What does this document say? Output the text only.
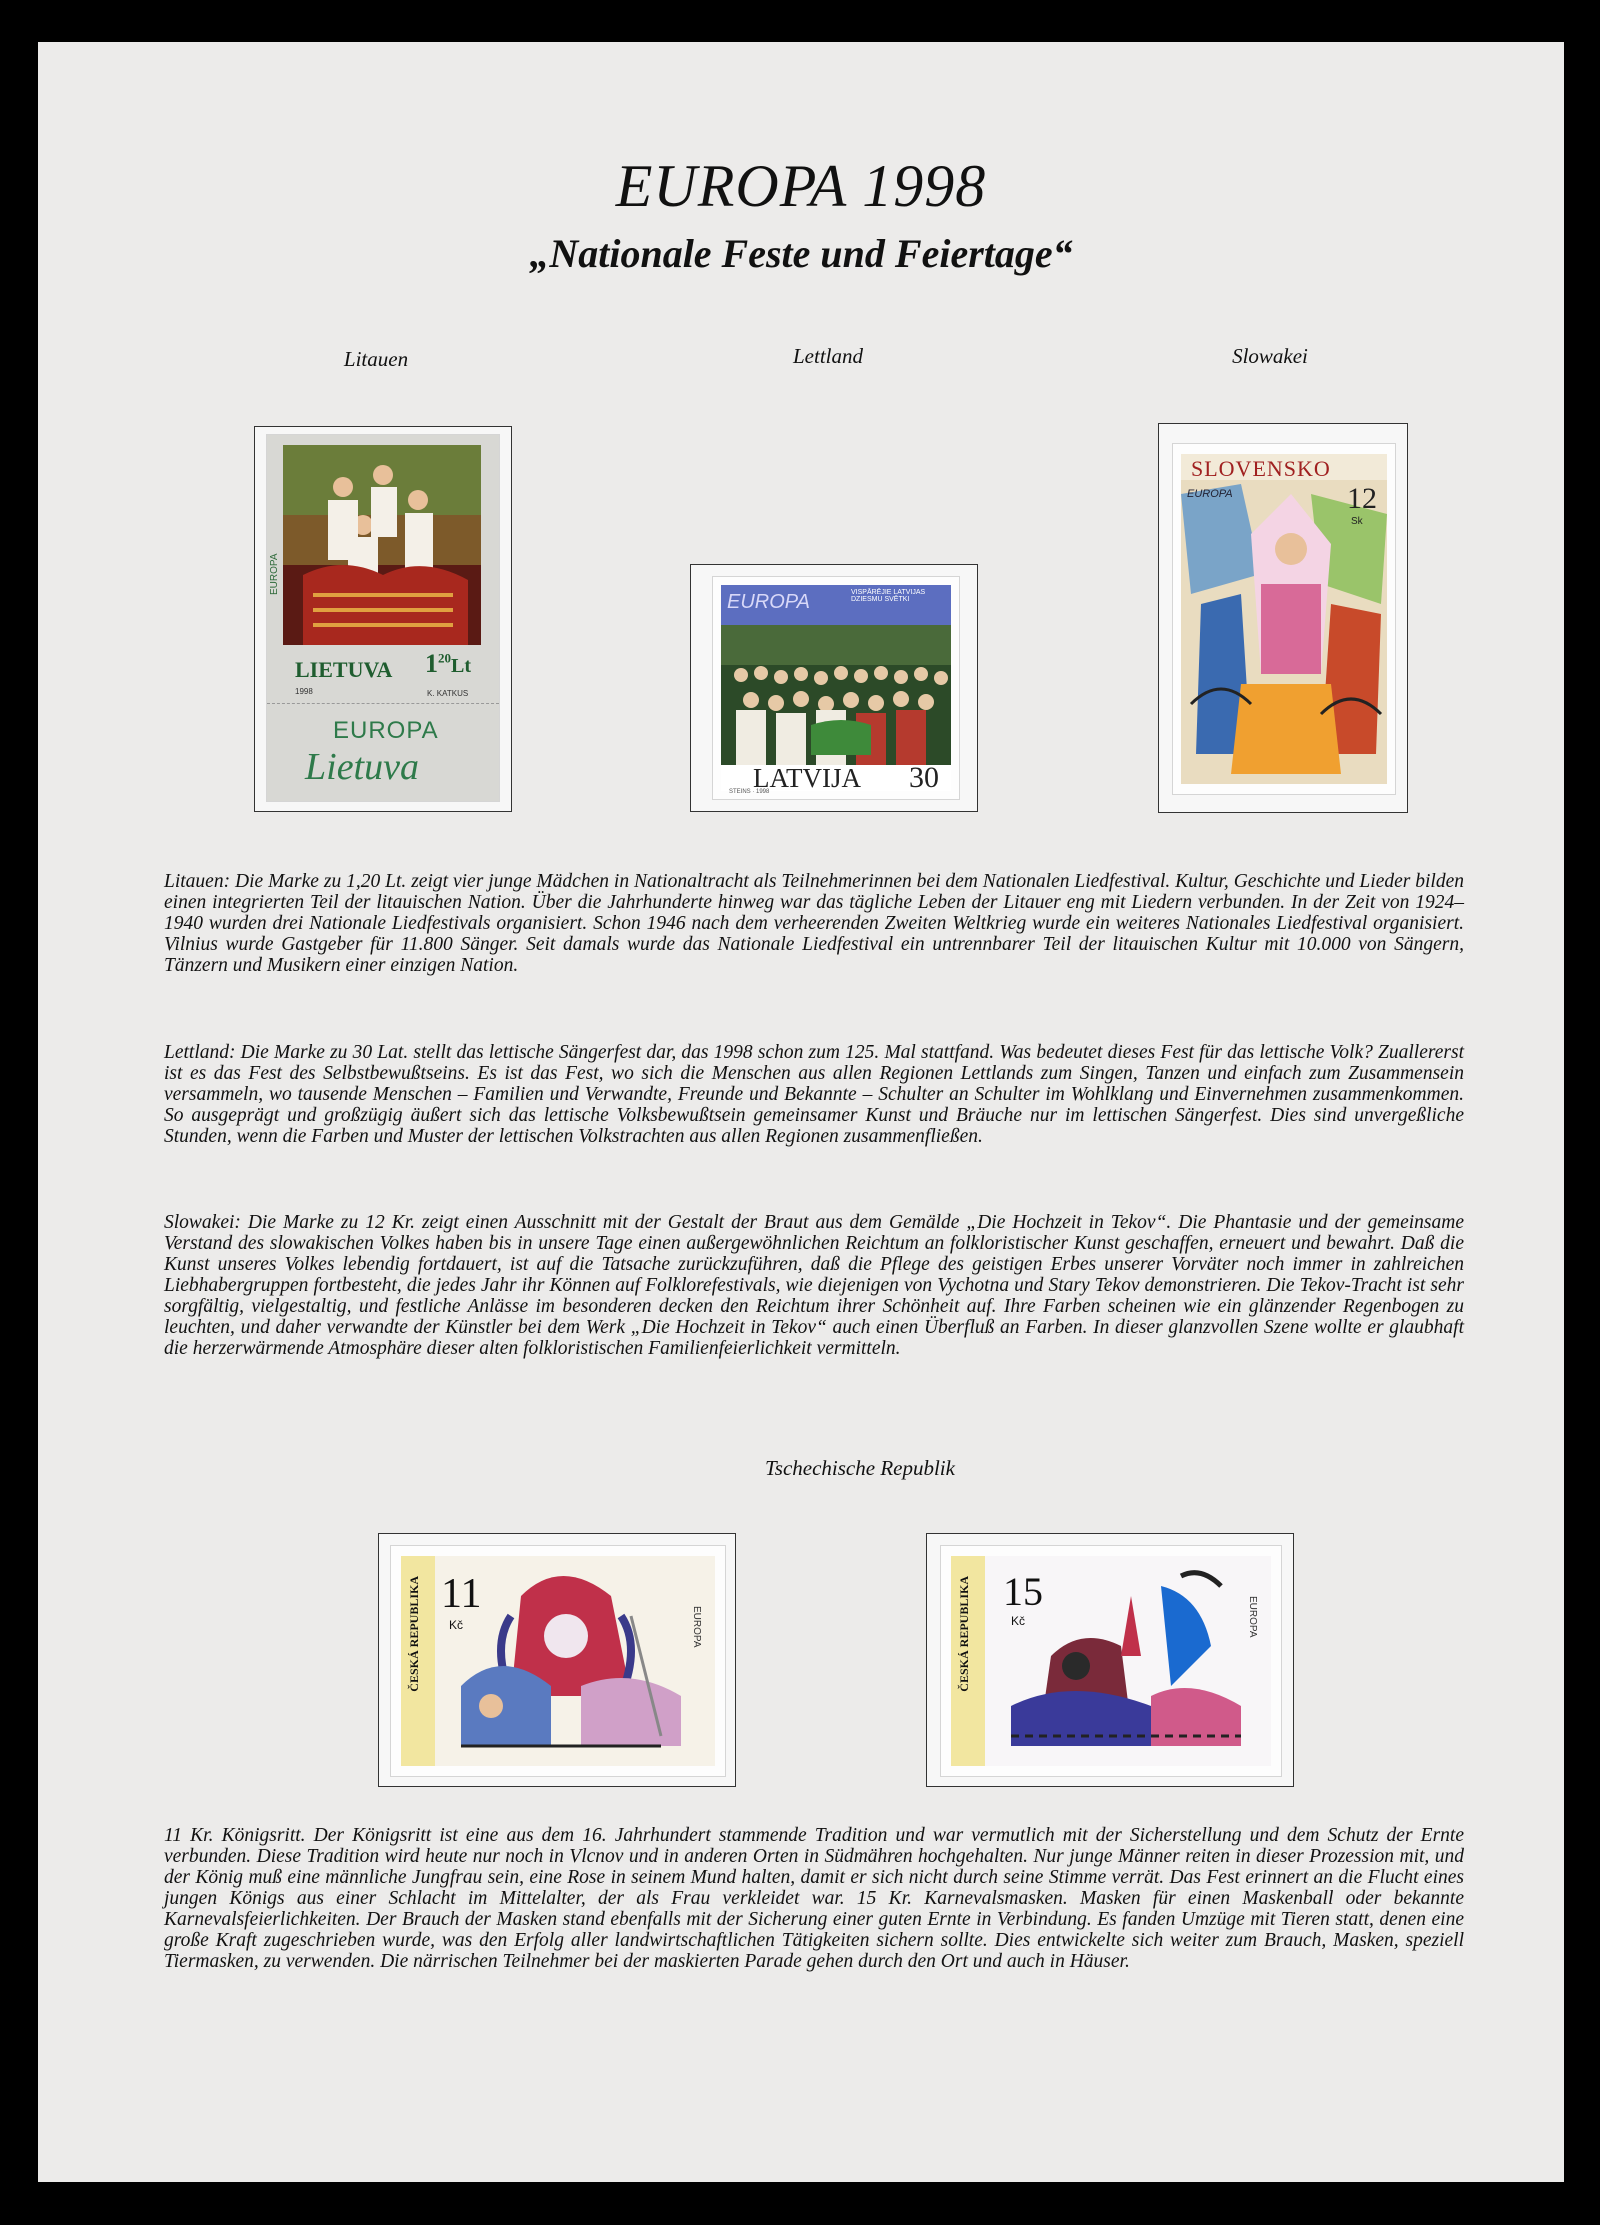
EUROPA 1998
„Nationale Feste und Feiertage“
Litauen	Lettland	Slowakei
EUROPA
LIETUVA $1^{20}Lt$
1998	K. KATKUS
EUROPA
Lietuva
EUROPA	VISPĀRĒJIE LATVIJAS DZIESMU SVĒTKI
LATVIJA 30
STEINS · 1998
SLOVENSKO
EUROPA	12
Sk

Litauen: Die Marke zu 1,20 Lt. zeigt vier junge Mädchen in Nationaltracht als Teilnehmerinnen bei dem Nationalen Liedfestival. Kultur, Geschichte und Lieder bilden einen integrierten Teil der litauischen Nation. Über die Jahrhunderte hinweg war das tägliche Leben der Litauer eng mit Liedern verbunden. In der Zeit von 1924–1940 wurden drei Nationale Liedfestivals organisiert. Schon 1946 nach dem verheerenden Zweiten Weltkrieg wurde ein weiteres Nationales Liedfestival organisiert. Vilnius wurde Gastgeber für 11.800 Sänger. Seit damals wurde das Nationale Liedfestival ein untrennbarer Teil der litauischen Kultur mit 10.000 von Sängern, Tänzern und Musikern einer einzigen Nation.

Lettland: Die Marke zu 30 Lat. stellt das lettische Sängerfest dar, das 1998 schon zum 125. Mal stattfand. Was bedeutet dieses Fest für das lettische Volk? Zuallererst ist es das Fest des Selbstbewußtseins. Es ist das Fest, wo sich die Menschen aus allen Regionen Lettlands zum Singen, Tanzen und einfach zum Zusammensein versammeln, wo tausende Menschen – Familien und Verwandte, Freunde und Bekannte – Schulter an Schulter im Wohlklang und Einvernehmen zusammenkommen. So ausgeprägt und großzügig äußert sich das lettische Volksbewußtsein gemeinsamer Kunst und Bräuche nur im lettischen Sängerfest. Dies sind unvergeßliche Stunden, wenn die Farben und Muster der lettischen Volkstrachten aus allen Regionen zusammenfließen.

Slowakei: Die Marke zu 12 Kr. zeigt einen Ausschnitt mit der Gestalt der Braut aus dem Gemälde „Die Hochzeit in Tekov“. Die Phantasie und der gemeinsame Verstand des slowakischen Volkes haben bis in unsere Tage einen außergewöhnlichen Reichtum an folkloristischer Kunst geschaffen, erneuert und bewahrt. Daß die Kunst unseres Volkes lebendig fortdauert, ist auf die Tatsache zurückzuführen, daß die Pflege des geistigen Erbes unserer Vorväter noch immer in zahlreichen Liebhabergruppen fortbesteht, die jedes Jahr ihr Können auf Folklorefestivals, wie diejenigen von Vychotna und Stary Tekov demonstrieren. Die Tekov-Tracht ist sehr sorgfältig, vielgestaltig, und festliche Anlässe im besonderen decken den Reichtum ihrer Schönheit auf. Ihre Farben scheinen wie ein glänzender Regenbogen zu leuchten, und daher verwandte der Künstler bei dem Werk „Die Hochzeit in Tekov“ auch einen Überfluß an Farben. In dieser glanzvollen Szene wollte er glaubhaft die herzerwärmende Atmosphäre dieser alten folkloristischen Familienfeierlichkeit vermitteln.

Tschechische Republik
ČESKÁ REPUBLIKA 11
Kč	EUROPA	ČESKÁ REPUBLIKA 15
Kč	EUROPA

11 Kr. Königsritt. Der Königsritt ist eine aus dem 16. Jahrhundert stammende Tradition und war vermutlich mit der Sicherstellung und dem Schutz der Ernte verbunden. Diese Tradition wird heute nur noch in Vlcnov und in anderen Orten in Südmähren hochgehalten. Nur junge Männer reiten in dieser Prozession mit, und der König muß eine männliche Jungfrau sein, eine Rose in seinem Mund halten, damit er sich nicht durch seine Stimme verrät. Das Fest erinnert an die Flucht eines jungen Königs aus einer Schlacht im Mittelalter, der als Frau verkleidet war. 15 Kr. Karnevalsmasken. Masken für einen Maskenball oder bekannte Karnevalsfeierlichkeiten. Der Brauch der Masken stand ebenfalls mit der Sicherung einer guten Ernte in Verbindung. Es fanden Umzüge mit Tieren statt, denen eine große Kraft zugeschrieben wurde, was den Erfolg aller landwirtschaftlichen Tätigkeiten sichern sollte. Dies entwickelte sich weiter zum Brauch, Masken, speziell Tiermasken, zu verwenden. Die närrischen Teilnehmer bei der maskierten Parade gehen durch den Ort und auch in Häuser.
